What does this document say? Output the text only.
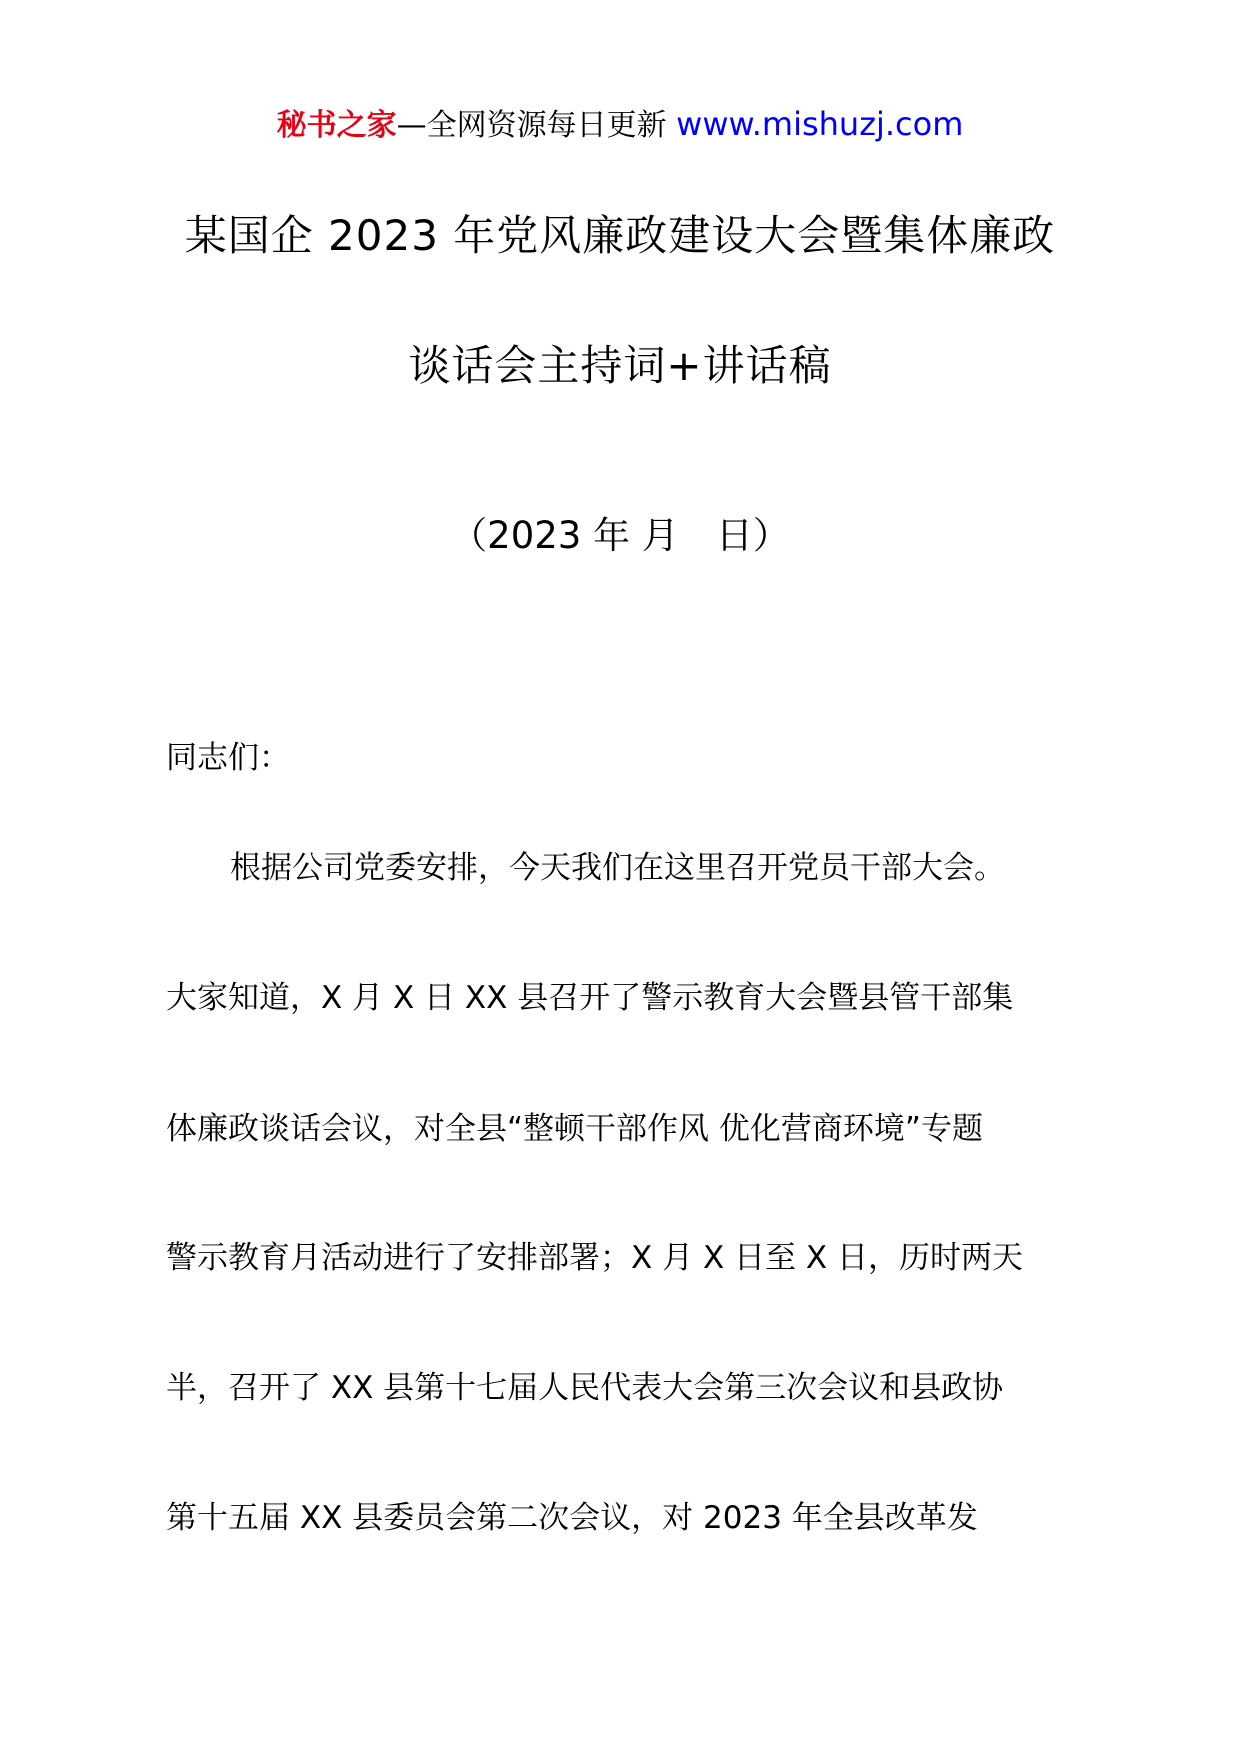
秘书之家—全网资源每日更新 www.mishuzj.com
某国企 2023 年党风廉政建设大会暨集体廉政
谈话会主持词+讲话稿
（2023 年 月　日）
同志们：
根据公司党委安排，今天我们在这里召开党员干部大会。
大家知道，X 月 X 日 XX 县召开了警示教育大会暨县管干部集
体廉政谈话会议，对全县“整顿干部作风 优化营商环境”专题
警示教育月活动进行了安排部署；X 月 X 日至 X 日，历时两天
半，召开了 XX 县第十七届人民代表大会第三次会议和县政协
第十五届 XX 县委员会第二次会议，对 2023 年全县改革发
